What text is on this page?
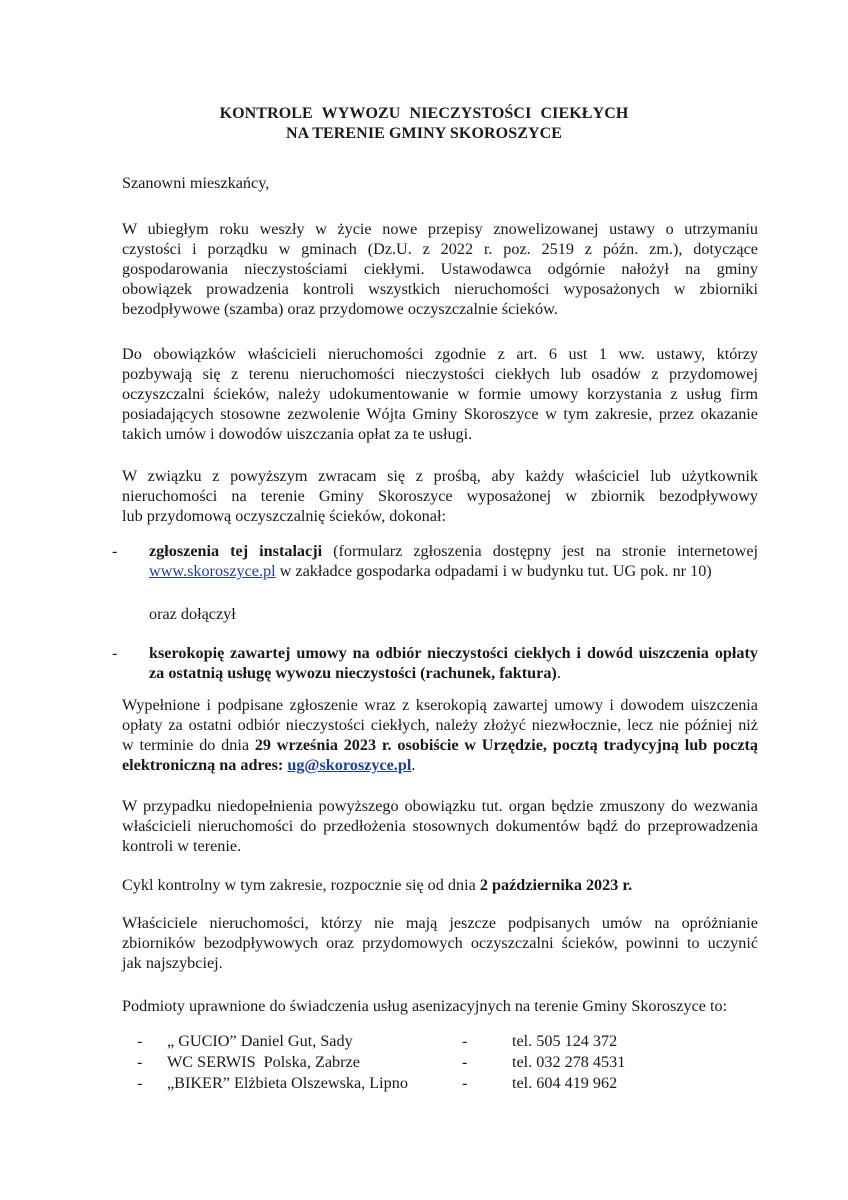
KONTROLE WYWOZU NIECZYSTOŚCI CIEKŁYCH
NA TERENIE GMINY SKOROSZYCE
Szanowni mieszkańcy,
W ubiegłym roku weszły w życie nowe przepisy znowelizowanej ustawy o utrzymaniu
czystości i porządku w gminach (Dz.U. z 2022 r. poz. 2519 z późn. zm.), dotyczące
gospodarowania nieczystościami ciekłymi. Ustawodawca odgórnie nałożył na gminy
obowiązek prowadzenia kontroli wszystkich nieruchomości wyposażonych w zbiorniki
bezodpływowe (szamba) oraz przydomowe oczyszczalnie ścieków.
Do obowiązków właścicieli nieruchomości zgodnie z art. 6 ust 1 ww. ustawy, którzy
pozbywają się z terenu nieruchomości nieczystości ciekłych lub osadów z przydomowej
oczyszczalni ścieków, należy udokumentowanie w formie umowy korzystania z usług firm
posiadających stosowne zezwolenie Wójta Gminy Skoroszyce w tym zakresie, przez okazanie
takich umów i dowodów uiszczania opłat za te usługi.
W związku z powyższym zwracam się z prośbą, aby każdy właściciel lub użytkownik
nieruchomości na terenie Gminy Skoroszyce wyposażonej w zbiornik bezodpływowy
lub przydomową oczyszczalnię ścieków, dokonał:
-	zgłoszenia tej instalacji (formularz zgłoszenia dostępny jest na stronie internetowej
www.skoroszyce.pl w zakładce gospodarka odpadami i w budynku tut. UG pok. nr 10)
oraz dołączył
-	kserokopię zawartej umowy na odbiór nieczystości ciekłych i dowód uiszczenia opłaty
za ostatnią usługę wywozu nieczystości (rachunek, faktura).
Wypełnione i podpisane zgłoszenie wraz z kserokopią zawartej umowy i dowodem uiszczenia
opłaty za ostatni odbiór nieczystości ciekłych, należy złożyć niezwłocznie, lecz nie później niż
w terminie do dnia 29 września 2023 r. osobiście w Urzędzie, pocztą tradycyjną lub pocztą
elektroniczną na adres: ug@skoroszyce.pl.
W przypadku niedopełnienia powyższego obowiązku tut. organ będzie zmuszony do wezwania
właścicieli nieruchomości do przedłożenia stosownych dokumentów bądź do przeprowadzenia
kontroli w terenie.
Cykl kontrolny w tym zakresie, rozpocznie się od dnia 2 października 2023 r.
Właściciele nieruchomości, którzy nie mają jeszcze podpisanych umów na opróżnianie
zbiorników bezodpływowych oraz przydomowych oczyszczalni ścieków, powinni to uczynić
jak najszybciej.
Podmioty uprawnione do świadczenia usług asenizacyjnych na terenie Gminy Skoroszyce to:
- „ GUCIO” Daniel Gut, Sady	-	tel. 505 124 372
- WC SERWIS  Polska, Zabrze	-	tel. 032 278 4531
- „BIKER” Elżbieta Olszewska, Lipno	-	tel. 604 419 962
